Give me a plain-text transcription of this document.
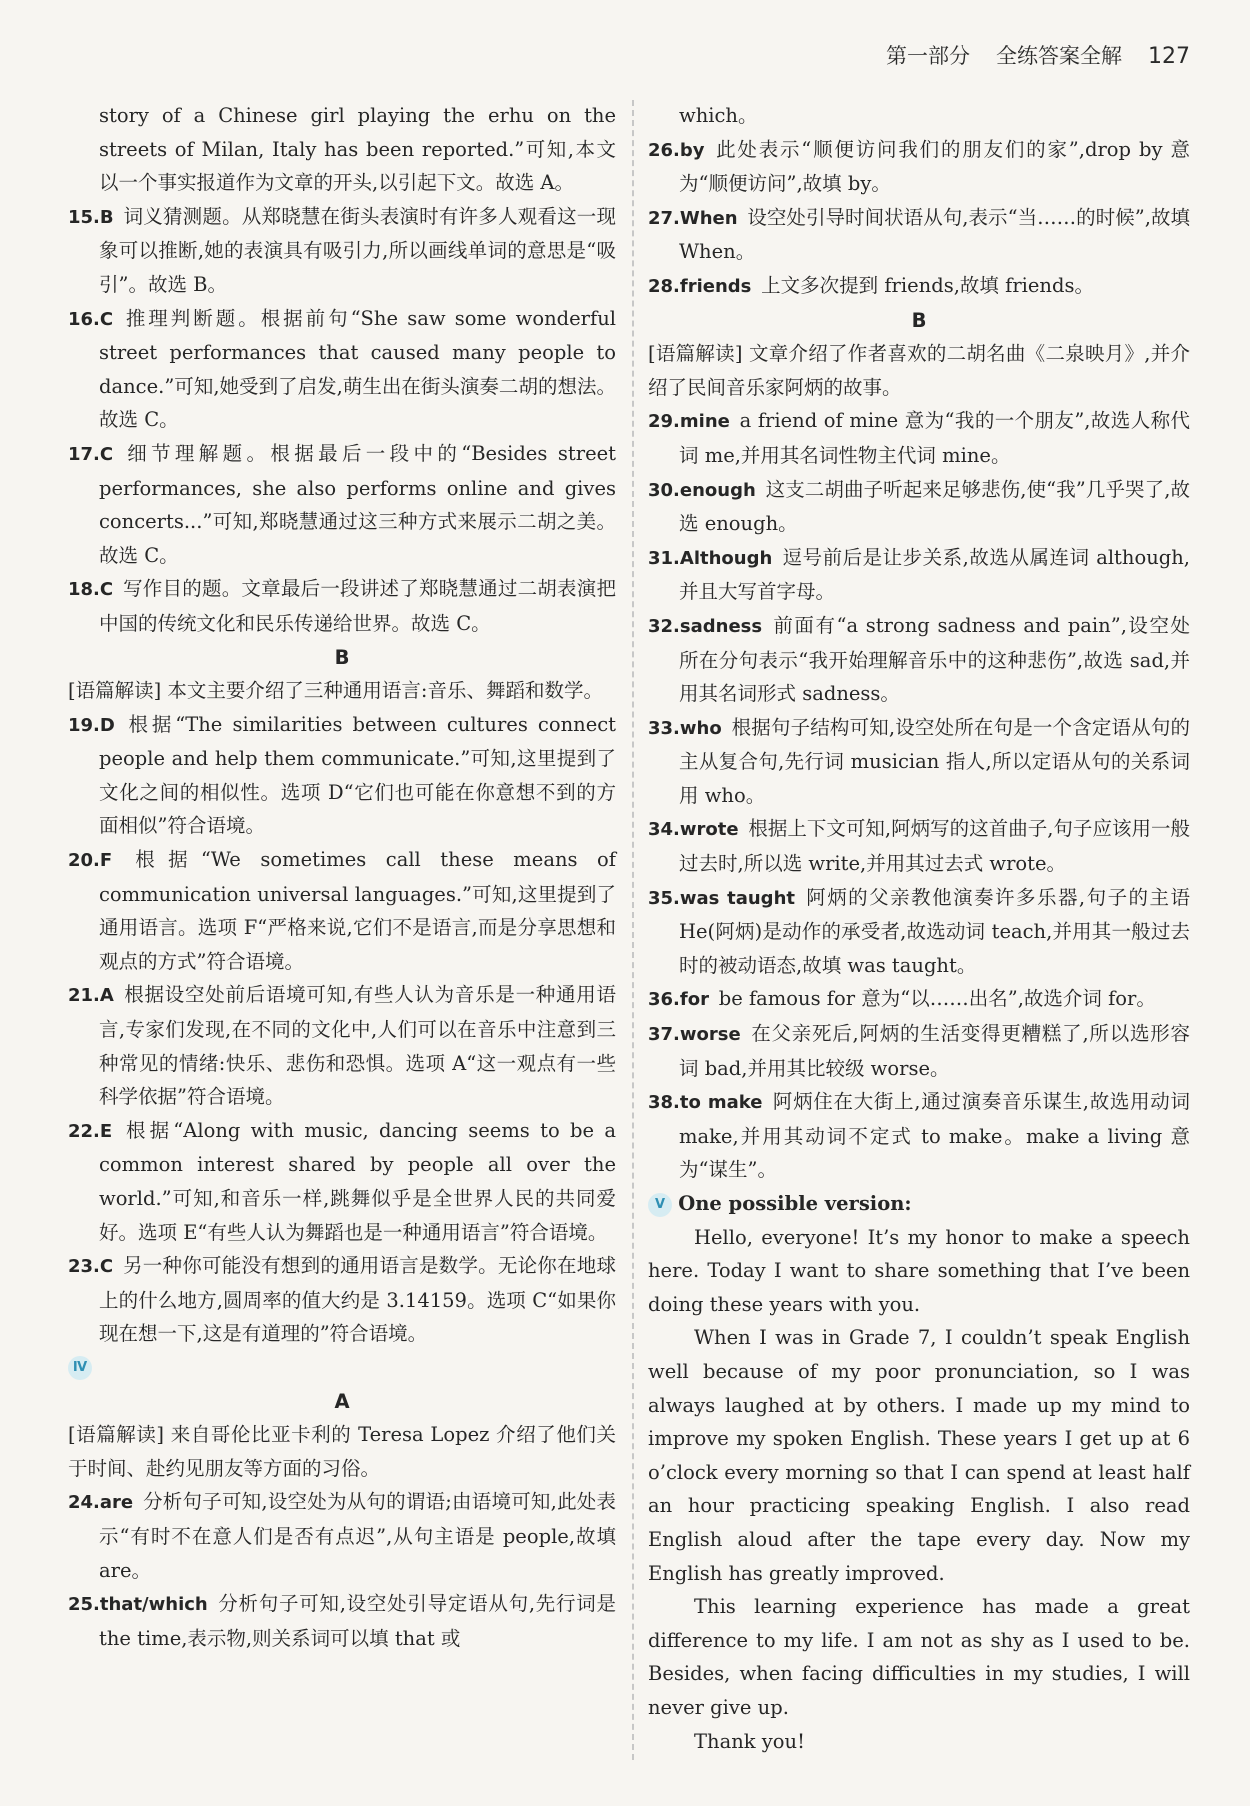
第一部分 全练答案全解 127

story of a Chinese girl playing the erhu on the streets of Milan, Italy has been reported.”可知,本文以一个事实报道作为文章的开头,以引起下文。故选 A。

15.B  词义猜测题。从郑晓慧在街头表演时有许多人观看这一现象可以推断,她的表演具有吸引力,所以画线单词的意思是“吸引”。故选 B。

16.C  推理判断题。根据前句“She saw some wonderful street performances that caused many people to dance.”可知,她受到了启发,萌生出在街头演奏二胡的想法。故选 C。

17.C  细节理解题。根据最后一段中的“Besides street performances, she also performs online and gives concerts...”可知,郑晓慧通过这三种方式来展示二胡之美。故选 C。

18.C  写作目的题。文章最后一段讲述了郑晓慧通过二胡表演把中国的传统文化和民乐传递给世界。故选 C。

B

[语篇解读] 本文主要介绍了三种通用语言:音乐、舞蹈和数学。

19.D  根据“The similarities between cultures connect people and help them communicate.”可知,这里提到了文化之间的相似性。选项 D“它们也可能在你意想不到的方面相似”符合语境。

20.F  根据“We sometimes call these means of communication universal languages.”可知,这里提到了通用语言。选项 F“严格来说,它们不是语言,而是分享思想和观点的方式”符合语境。

21.A  根据设空处前后语境可知,有些人认为音乐是一种通用语言,专家们发现,在不同的文化中,人们可以在音乐中注意到三种常见的情绪:快乐、悲伤和恐惧。选项 A“这一观点有一些科学依据”符合语境。

22.E  根据“Along with music, dancing seems to be a common interest shared by people all over the world.”可知,和音乐一样,跳舞似乎是全世界人民的共同爱好。选项 E“有些人认为舞蹈也是一种通用语言”符合语境。

23.C  另一种你可能没有想到的通用语言是数学。无论你在地球上的什么地方,圆周率的值大约是 3.14159。选项 C“如果你现在想一下,这是有道理的”符合语境。

Ⅳ

A

[语篇解读] 来自哥伦比亚卡利的 Teresa Lopez 介绍了他们关于时间、赴约见朋友等方面的习俗。

24.are  分析句子可知,设空处为从句的谓语;由语境可知,此处表示“有时不在意人们是否有点迟”,从句主语是 people,故填 are。

25.that/which  分析句子可知,设空处引导定语从句,先行词是 the time,表示物,则关系词可以填 that 或

which。

26.by  此处表示“顺便访问我们的朋友们的家”,drop by 意为“顺便访问”,故填 by。

27.When  设空处引导时间状语从句,表示“当……的时候”,故填 When。

28.friends  上文多次提到 friends,故填 friends。

B

[语篇解读] 文章介绍了作者喜欢的二胡名曲《二泉映月》,并介绍了民间音乐家阿炳的故事。

29.mine  a friend of mine 意为“我的一个朋友”,故选人称代词 me,并用其名词性物主代词 mine。

30.enough  这支二胡曲子听起来足够悲伤,使“我”几乎哭了,故选 enough。

31.Although  逗号前后是让步关系,故选从属连词 although,并且大写首字母。

32.sadness  前面有“a strong sadness and pain”,设空处所在分句表示“我开始理解音乐中的这种悲伤”,故选 sad,并用其名词形式 sadness。

33.who  根据句子结构可知,设空处所在句是一个含定语从句的主从复合句,先行词 musician 指人,所以定语从句的关系词用 who。

34.wrote  根据上下文可知,阿炳写的这首曲子,句子应该用一般过去时,所以选 write,并用其过去式 wrote。

35.was taught  阿炳的父亲教他演奏许多乐器,句子的主语 He(阿炳)是动作的承受者,故选动词 teach,并用其一般过去时的被动语态,故填 was taught。

36.for  be famous for 意为“以……出名”,故选介词 for。

37.worse  在父亲死后,阿炳的生活变得更糟糕了,所以选形容词 bad,并用其比较级 worse。

38.to make  阿炳住在大街上,通过演奏音乐谋生,故选用动词 make,并用其动词不定式 to make。make a living 意为“谋生”。

Ⅴ One possible version:

Hello, everyone! It’s my honor to make a speech here. Today I want to share something that I’ve been doing these years with you.

When I was in Grade 7, I couldn’t speak English well because of my poor pronunciation, so I was always laughed at by others. I made up my mind to improve my spoken English. These years I get up at 6 o’clock every morning so that I can spend at least half an hour practicing speaking English. I also read English aloud after the tape every day. Now my English has greatly improved.

This learning experience has made a great difference to my life. I am not as shy as I used to be. Besides, when facing difficulties in my studies, I will never give up.

Thank you!
